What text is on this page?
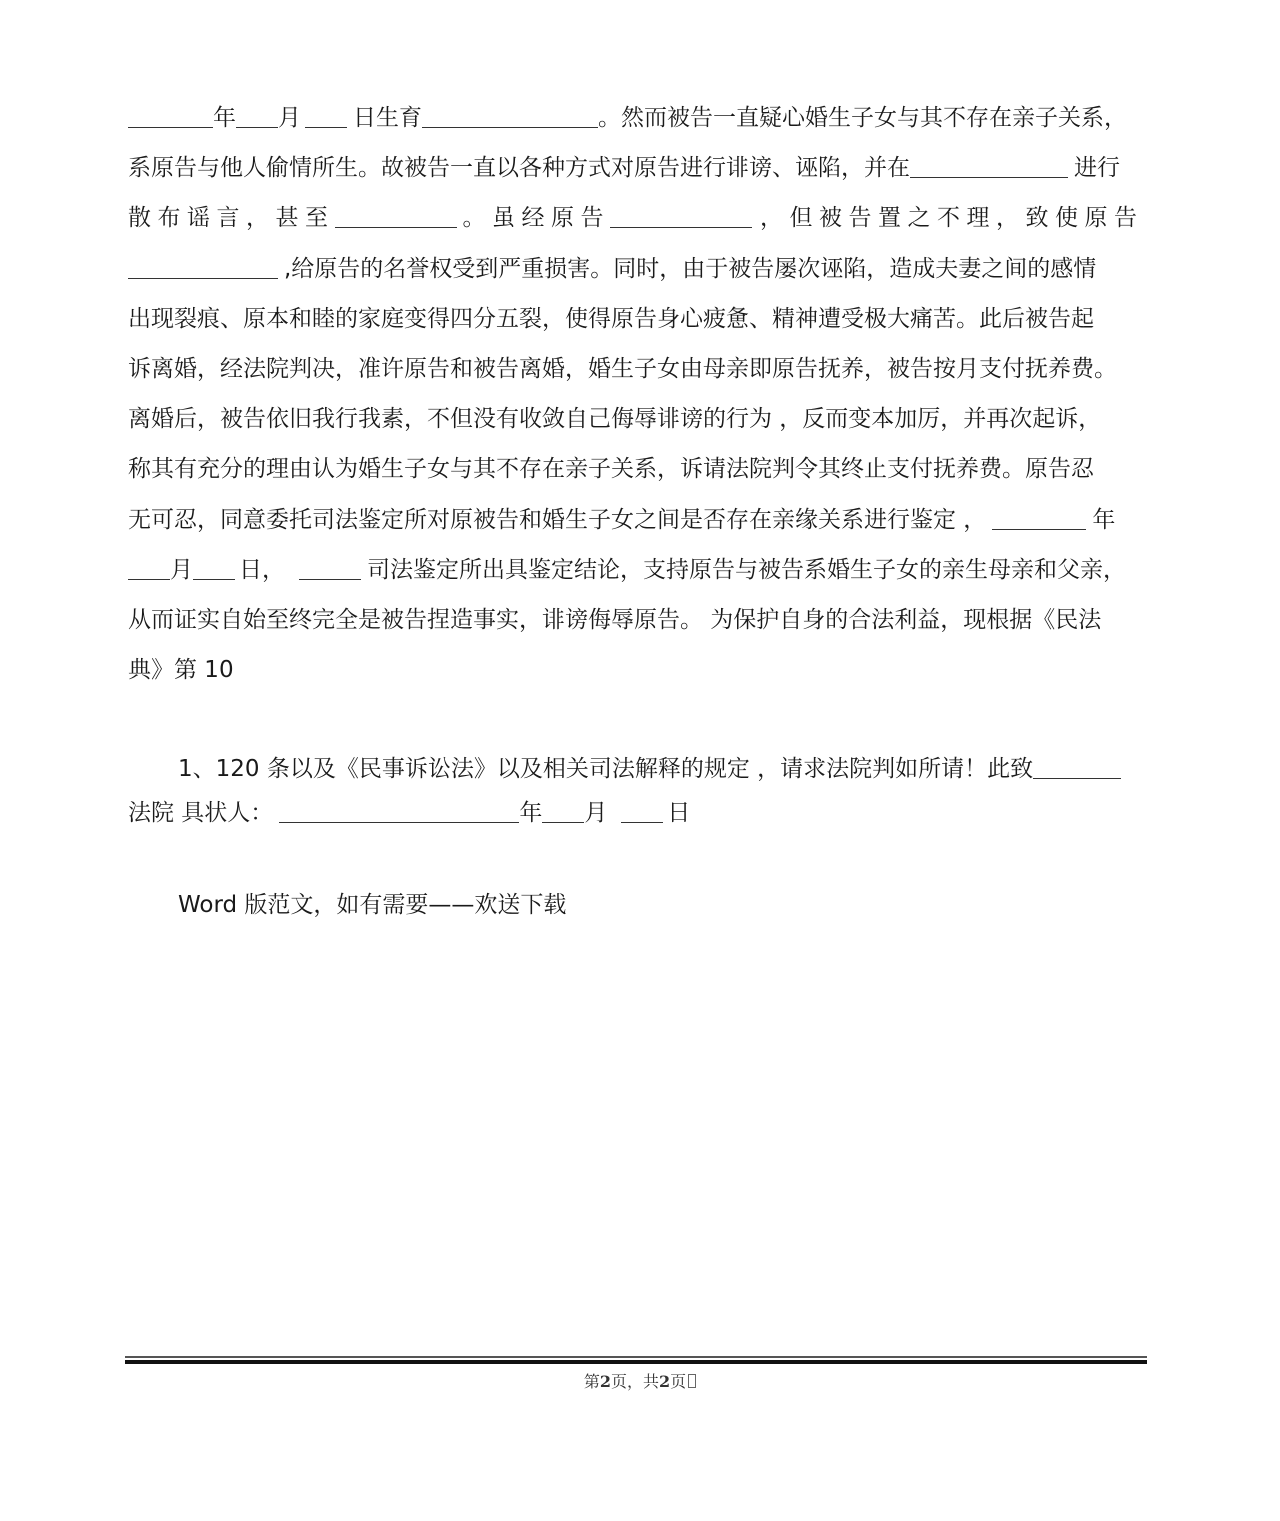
年 月 日生育	。然而被告一直疑心婚生子女与其不存在亲子关系，
系原告与他人偷情所生。故被告一直以各种方式对原告进行诽谤、诬陷，并在	进行
散布谣言，甚至	。虽经原告	，但被告置之不理，致使原告
,给原告的名誉权受到严重损害。同时，由于被告屡次诬陷，造成夫妻之间的感情
出现裂痕、原本和睦的家庭变得四分五裂，使得原告身心疲惫、精神遭受极大痛苦。此后被告起
诉离婚，经法院判决，准许原告和被告离婚，婚生子女由母亲即原告抚养，被告按月支付抚养费。
离婚后，被告依旧我行我素，不但没有收敛自己侮辱诽谤的行为 ，反而变本加厉，并再次起诉，
称其有充分的理由认为婚生子女与其不存在亲子关系，诉请法院判令其终止支付抚养费。原告忍
无可忍，同意委托司法鉴定所对原被告和婚生子女之间是否存在亲缘关系进行鉴定 ，	年
月 日，	司法鉴定所出具鉴定结论，支持原告与被告系婚生子女的亲生母亲和父亲，
从而证实自始至终完全是被告捏造事实，诽谤侮辱原告。 为保护自身的合法利益，现根据《民法
典》第 10
1、120 条以及《民事诉讼法》以及相关司法解释的规定 ，请求法院判如所请！此致
法院 具状人：	年 月	日
Word 版范文，如有需要——欢送下载
第2页，共2页
